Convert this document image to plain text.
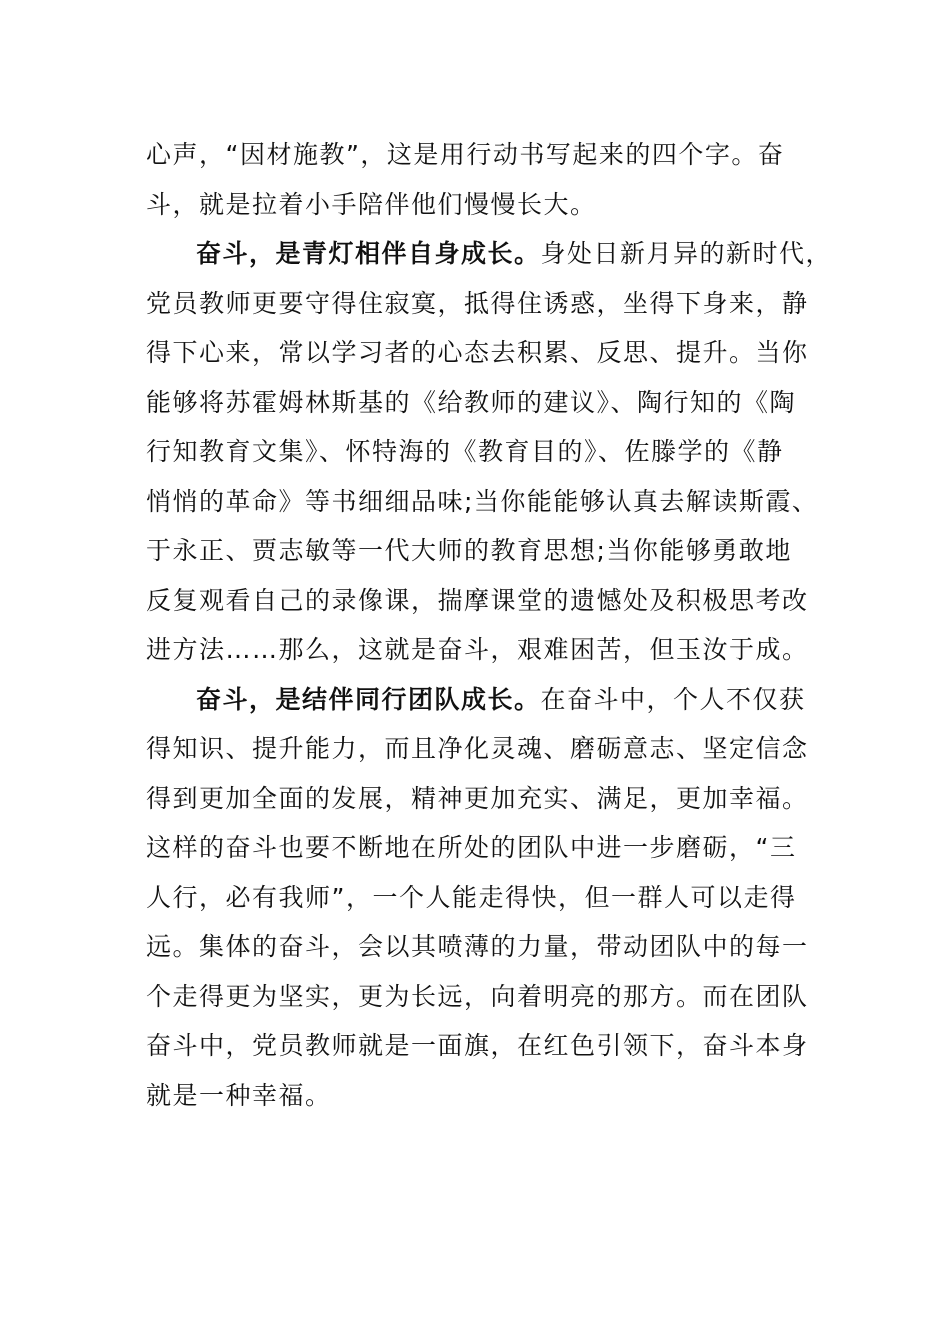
心声，“因材施教”，这是用行动书写起来的四个字。奋
斗，就是拉着小手陪伴他们慢慢长大。
奋斗，是青灯相伴自身成长。身处日新月异的新时代，
党员教师更要守得住寂寞，抵得住诱惑，坐得下身来，静
得下心来，常以学习者的心态去积累、反思、提升。当你
能够将苏霍姆林斯基的《给教师的建议》、陶行知的《陶
行知教育文集》、怀特海的《教育目的》、佐滕学的《静
悄悄的革命》等书细细品味;当你能能够认真去解读斯霞、
于永正、贾志敏等一代大师的教育思想;当你能够勇敢地
反复观看自己的录像课，揣摩课堂的遗憾处及积极思考改
进方法……那么，这就是奋斗，艰难困苦，但玉汝于成。
奋斗，是结伴同行团队成长。在奋斗中，个人不仅获
得知识、提升能力，而且净化灵魂、磨砺意志、坚定信念
得到更加全面的发展，精神更加充实、满足，更加幸福。
这样的奋斗也要不断地在所处的团队中进一步磨砺，“三
人行，必有我师”，一个人能走得快，但一群人可以走得
远。集体的奋斗，会以其喷薄的力量，带动团队中的每一
个走得更为坚实，更为长远，向着明亮的那方。而在团队
奋斗中，党员教师就是一面旗，在红色引领下，奋斗本身
就是一种幸福。
